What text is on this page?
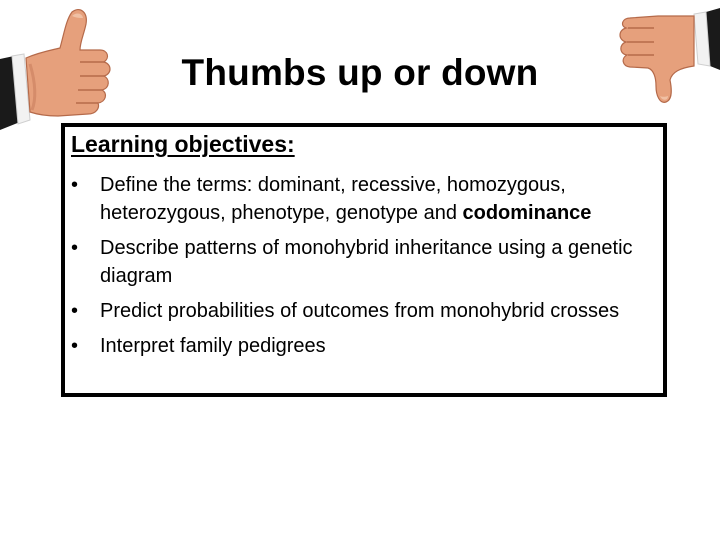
Thumbs up or down
Learning objectives:
•	Define the terms: dominant, recessive, homozygous, heterozygous, phenotype, genotype and codominance
•	Describe patterns of monohybrid inheritance using a genetic diagram
•	Predict probabilities of outcomes from monohybrid crosses
•	Interpret family pedigrees
